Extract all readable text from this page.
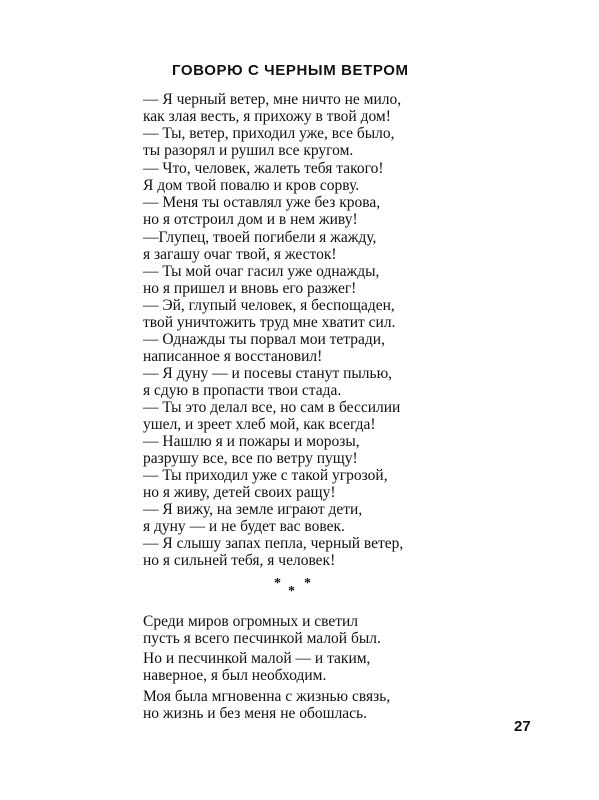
ГОВОРЮ С ЧЕРНЫМ ВЕТРОМ
— Я черный ветер, мне ничто не мило,
как злая весть, я прихожу в твой дом!
— Ты, ветер, приходил уже, все было,
ты разорял и рушил все кругом.
— Что, человек, жалеть тебя такого!
Я дом твой повалю и кров сорву.
— Меня ты оставлял уже без крова,
но я отстроил дом и в нем живу!
—Глупец, твоей погибели я жажду,
я загашу очаг твой, я жесток!
— Ты мой очаг гасил уже однажды,
но я пришел и вновь его разжег!
— Эй, глупый человек, я беспощаден,
твой уничтожить труд мне хватит сил.
— Однажды ты порвал мои тетради,
написанное я восстановил!
— Я дуну — и посевы станут пылью,
я сдую в пропасти твои стада.
— Ты это делал все, но сам в бессилии
ушел, и зреет хлеб мой, как всегда!
— Нашлю я и пожары и морозы,
разрушу все, все по ветру пущу!
— Ты приходил уже с такой угрозой,
но я живу, детей своих ращу!
— Я вижу, на земле играют дети,
я дуну — и не будет вас вовек.
— Я слышу запах пепла, черный ветер,
но я сильней тебя, я человек!
*
*
*
Среди миров огромных и светил
пусть я всего песчинкой малой был.
Но и песчинкой малой — и таким,
наверное, я был необходим.
Моя была мгновенна с жизнью связь,
но жизнь и без меня не обошлась.
27
